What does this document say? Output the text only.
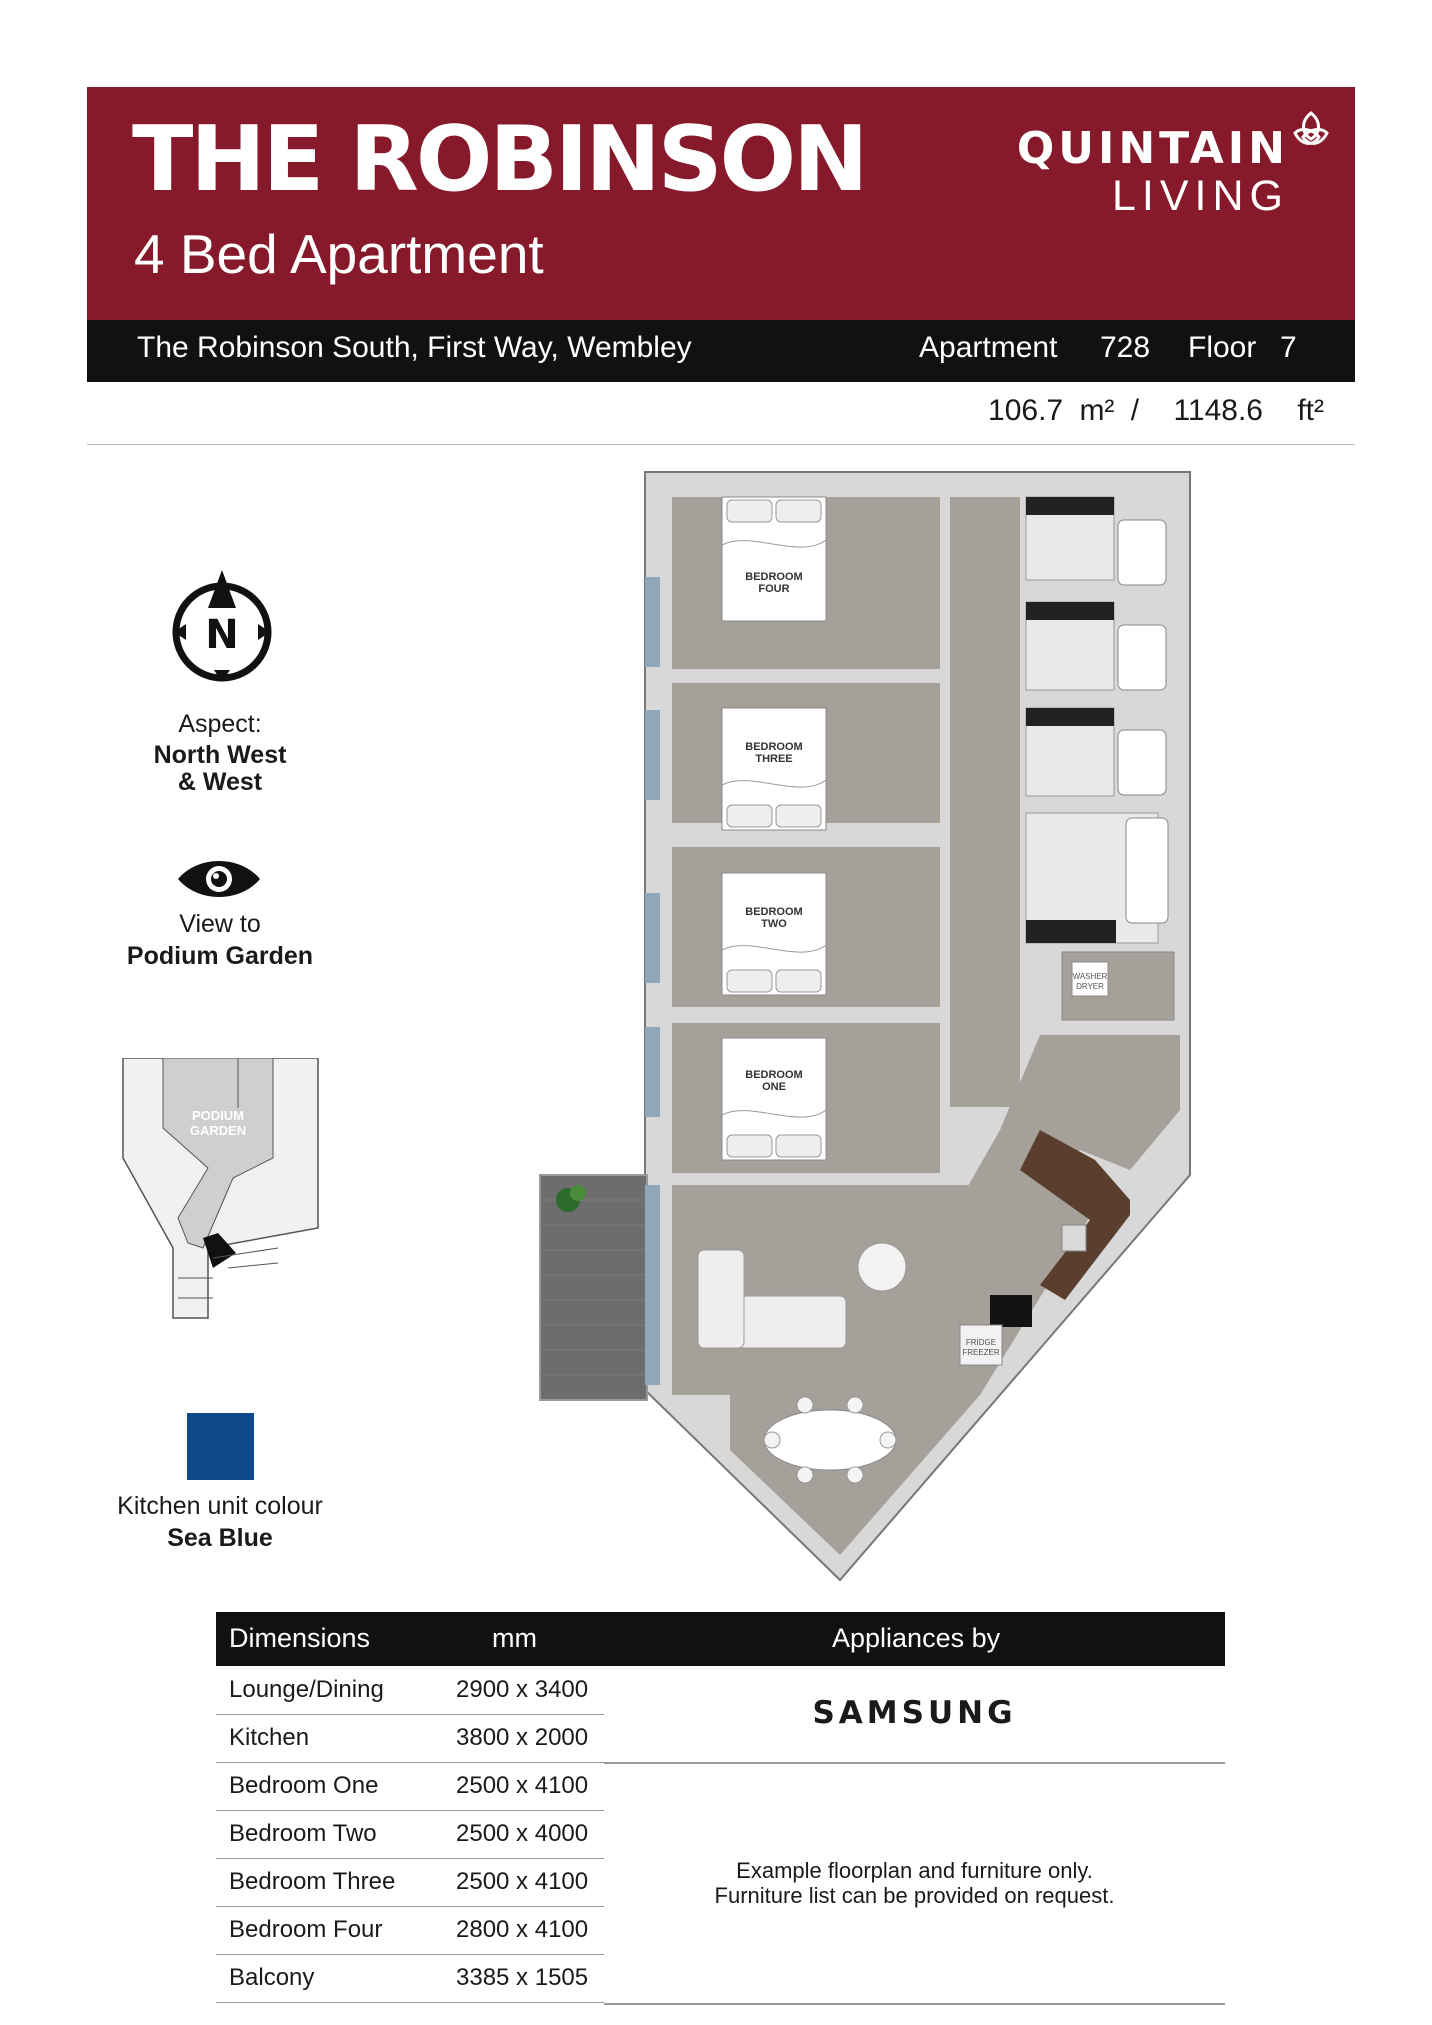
THE ROBINSON
4 Bed Apartment
QUINTAIN
LIVING
The Robinson South, First Way, Wembley	Apartment 728 Floor 7
106.7 m² / 1148.6 ft²
N
Aspect:
North West & West
View to
Podium Garden
PODIUM
GARDEN
Kitchen unit colour
Sea Blue
WASHER
DRYER
FRIDGE
FREEZER
BEDROOM
FOUR
BEDROOM
THREE
BEDROOM
TWO
BEDROOM
ONE
Dimensions	mm	Appliances by
Lounge/Dining	2900 x 3400
Kitchen	3800 x 2000
Bedroom One	2500 x 4100
Bedroom Two	2500 x 4000
Bedroom Three	2500 x 4100
Bedroom Four	2800 x 4100
Balcony	3385 x 1505
SAMSUNG
Example floorplan and furniture only.
Furniture list can be provided on request.
